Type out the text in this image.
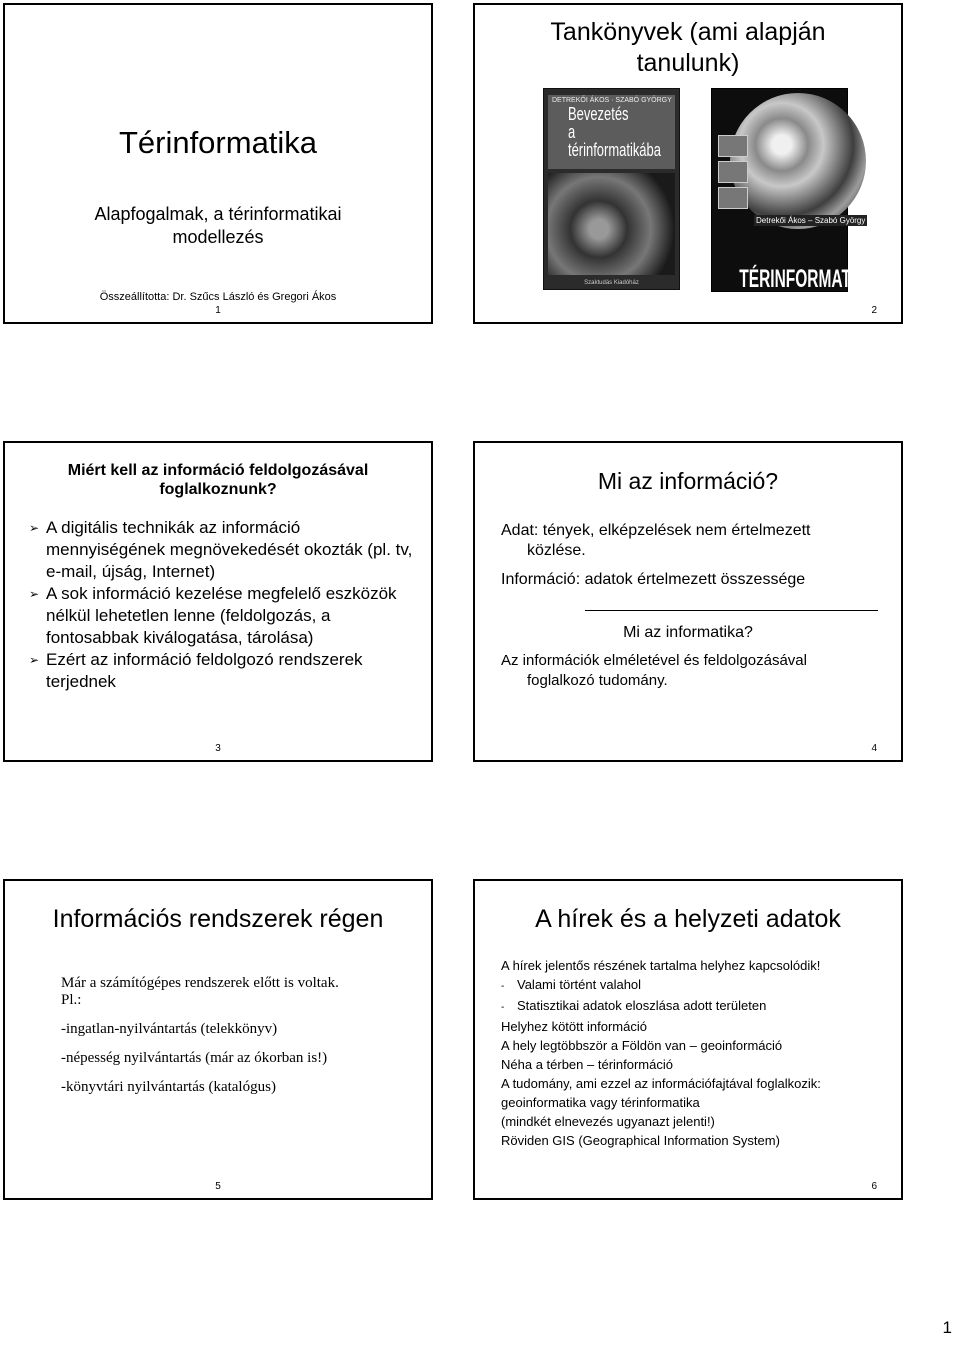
Térinformatika
Alapfogalmak, a térinformatikai
modellezés
Összeállította: Dr. Szűcs László és Gregori Ákos
1
Tankönyvek (ami alapján
tanulunk)
DETREKŐI ÁKOS · SZABÓ GYÖRGY
Bevezetés
a
térinformatikába
Szaktudás Kiadóház
Detrekői Ákos – Szabó György
TÉRINFORMATIKA
2
Miért kell az információ feldolgozásával
foglalkoznunk?
➢ A digitális technikák az információ mennyiségének megnövekedését okozták (pl. tv, e-mail, újság, Internet)
➢ A sok információ kezelése megfelelő eszközök nélkül lehetetlen lenne (feldolgozás, a fontosabbak kiválogatása, tárolása)
➢ Ezért az információ feldolgozó rendszerek terjednek
3
Mi az információ?
Adat: tények, elképzelések nem értelmezett
közlése.
Információ: adatok értelmezett összessége
Mi az informatika?
Az információk elméletével és feldolgozásával
foglalkozó tudomány.
4
Információs rendszerek régen
Már a számítógépes rendszerek előtt is voltak.
Pl.:
-ingatlan-nyilvántartás (telekkönyv)
-népesség nyilvántartás (már az ókorban is!)
-könyvtári nyilvántartás (katalógus)
5
A hírek és a helyzeti adatok
A hírek jelentős részének tartalma helyhez kapcsolódik!
- Valami történt valahol
- Statisztikai adatok eloszlása adott területen
Helyhez kötött információ
A hely legtöbbször a Földön van – geoinformáció
Néha a térben – térinformáció
A tudomány, ami ezzel az információfajtával foglalkozik:
geoinformatika vagy térinformatika
(mindkét elnevezés ugyanazt jelenti!)
Röviden GIS (Geographical Information System)
6
1
